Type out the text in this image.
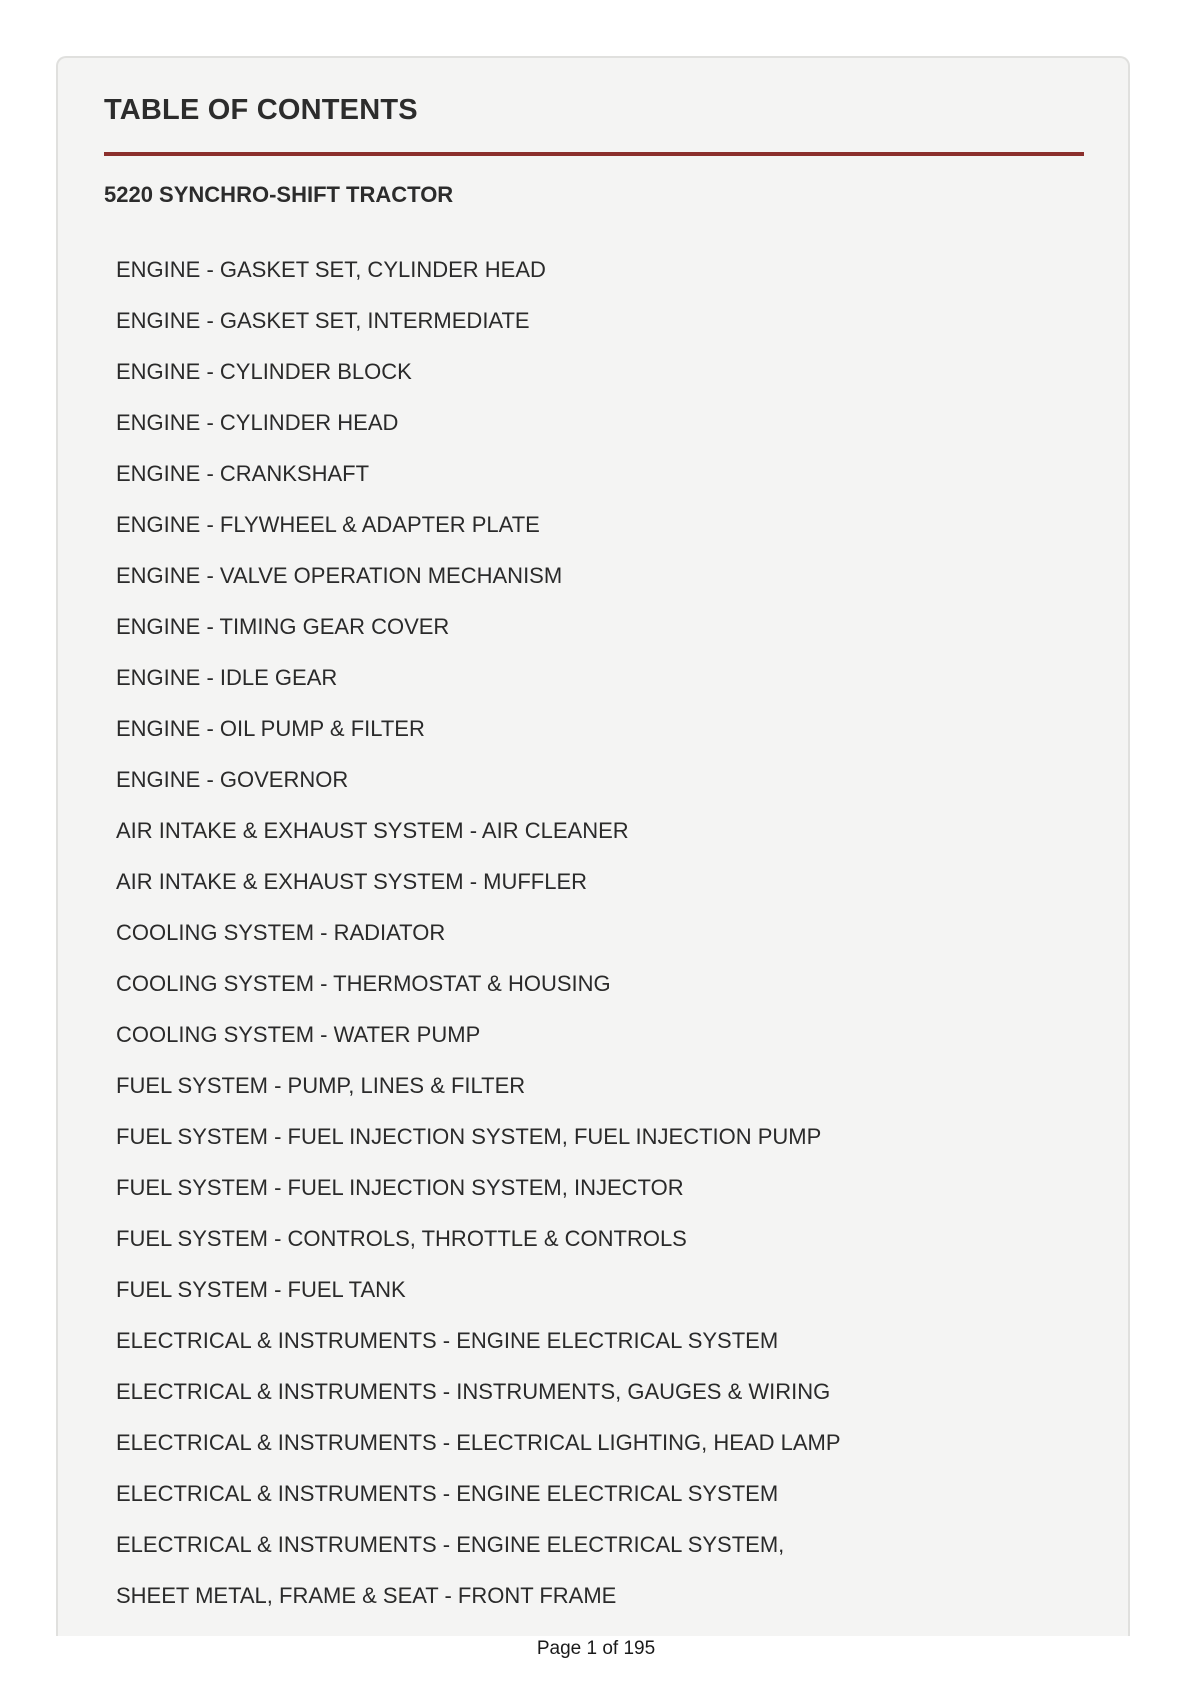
TABLE OF CONTENTS
5220 SYNCHRO-SHIFT TRACTOR
ENGINE - GASKET SET, CYLINDER HEAD
ENGINE - GASKET SET, INTERMEDIATE
ENGINE - CYLINDER BLOCK
ENGINE - CYLINDER HEAD
ENGINE - CRANKSHAFT
ENGINE - FLYWHEEL & ADAPTER PLATE
ENGINE - VALVE OPERATION MECHANISM
ENGINE - TIMING GEAR COVER
ENGINE - IDLE GEAR
ENGINE - OIL PUMP & FILTER
ENGINE - GOVERNOR
AIR INTAKE & EXHAUST SYSTEM - AIR CLEANER
AIR INTAKE & EXHAUST SYSTEM - MUFFLER
COOLING SYSTEM - RADIATOR
COOLING SYSTEM - THERMOSTAT & HOUSING
COOLING SYSTEM - WATER PUMP
FUEL SYSTEM - PUMP, LINES & FILTER
FUEL SYSTEM - FUEL INJECTION SYSTEM, FUEL INJECTION PUMP
FUEL SYSTEM - FUEL INJECTION SYSTEM, INJECTOR
FUEL SYSTEM - CONTROLS, THROTTLE & CONTROLS
FUEL SYSTEM - FUEL TANK
ELECTRICAL & INSTRUMENTS - ENGINE ELECTRICAL SYSTEM
ELECTRICAL & INSTRUMENTS - INSTRUMENTS, GAUGES & WIRING
ELECTRICAL & INSTRUMENTS - ELECTRICAL LIGHTING, HEAD LAMP
ELECTRICAL & INSTRUMENTS - ENGINE ELECTRICAL SYSTEM
ELECTRICAL & INSTRUMENTS - ENGINE ELECTRICAL SYSTEM,
SHEET METAL, FRAME & SEAT - FRONT FRAME
Page 1 of 195
